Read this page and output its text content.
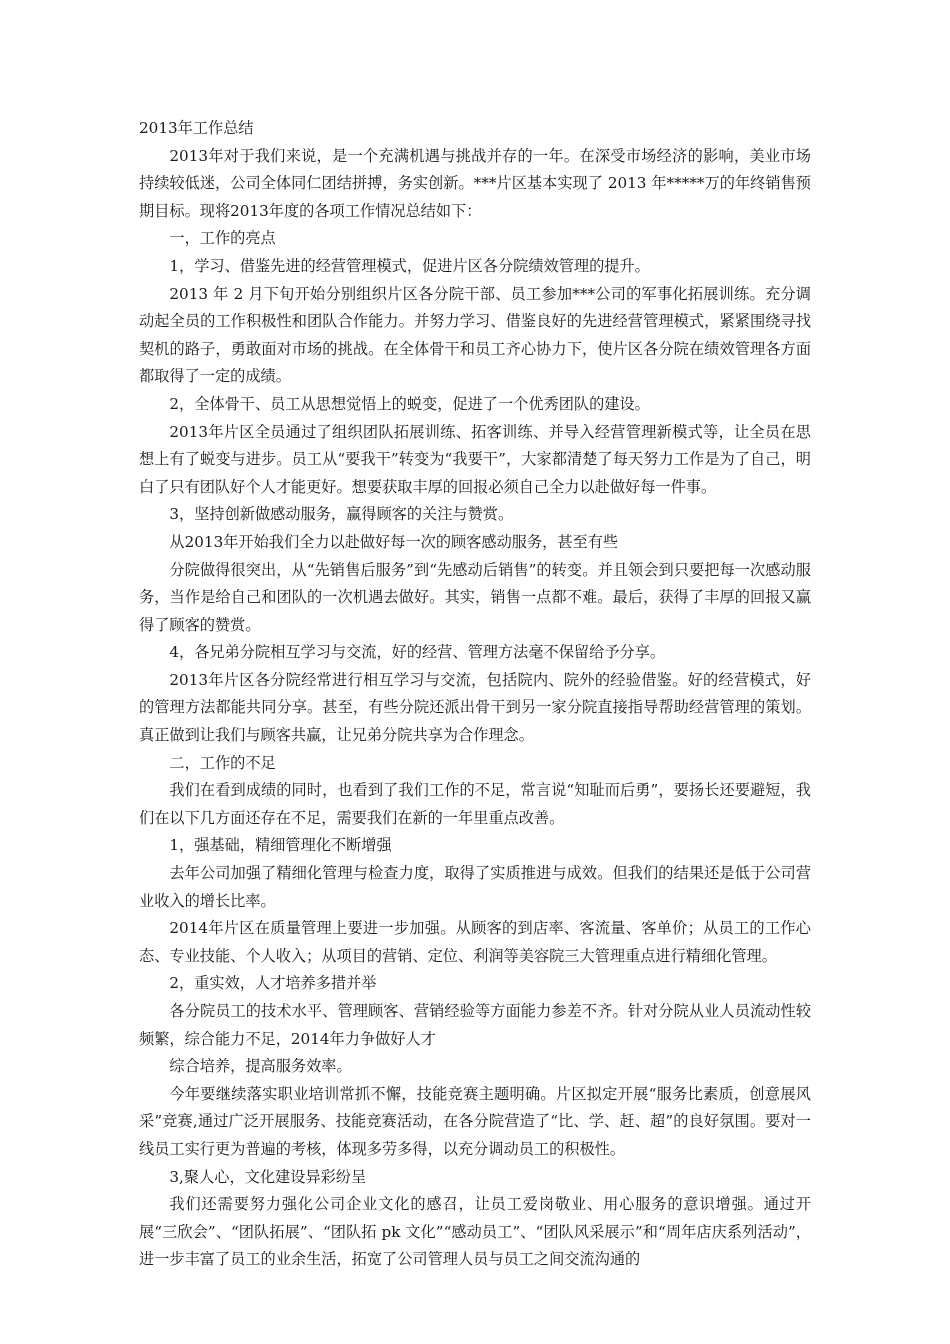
2013年工作总结

2013年对于我们来说，是一个充满机遇与挑战并存的一年。在深受市场经济的影响，美业市场持续较低迷，公司全体同仁团结拼搏，务实创新。***片区基本实现了 2013 年*****万的年终销售预期目标。现将2013年度的各项工作情况总结如下：

一，工作的亮点

1，学习、借鉴先进的经营管理模式，促进片区各分院绩效管理的提升。

2013 年 2 月下旬开始分别组织片区各分院干部、员工参加***公司的军事化拓展训练。充分调动起全员的工作积极性和团队合作能力。并努力学习、借鉴良好的先进经营管理模式，紧紧围绕寻找契机的路子，勇敢面对市场的挑战。在全体骨干和员工齐心协力下，使片区各分院在绩效管理各方面都取得了一定的成绩。

2，全体骨干、员工从思想觉悟上的蜕变，促进了一个优秀团队的建设。

2013年片区全员通过了组织团队拓展训练、拓客训练、并导入经营管理新模式等，让全员在思想上有了蜕变与进步。员工从“要我干”转变为“我要干”，大家都清楚了每天努力工作是为了自己，明白了只有团队好个人才能更好。想要获取丰厚的回报必须自己全力以赴做好每一件事。

3，坚持创新做感动服务，赢得顾客的关注与赞赏。

从2013年开始我们全力以赴做好每一次的顾客感动服务，甚至有些

分院做得很突出，从“先销售后服务”到“先感动后销售”的转变。并且领会到只要把每一次感动服务，当作是给自己和团队的一次机遇去做好。其实，销售一点都不难。最后，获得了丰厚的回报又赢得了顾客的赞赏。

4，各兄弟分院相互学习与交流，好的经营、管理方法毫不保留给予分享。

2013年片区各分院经常进行相互学习与交流，包括院内、院外的经验借鉴。好的经营模式，好的管理方法都能共同分享。甚至，有些分院还派出骨干到另一家分院直接指导帮助经营管理的策划。真正做到让我们与顾客共赢，让兄弟分院共享为合作理念。

二，工作的不足

我们在看到成绩的同时，也看到了我们工作的不足，常言说“知耻而后勇”，要扬长还要避短，我们在以下几方面还存在不足，需要我们在新的一年里重点改善。

1，强基础，精细管理化不断增强

去年公司加强了精细化管理与检查力度，取得了实质推进与成效。但我们的结果还是低于公司营业收入的增长比率。

2014年片区在质量管理上要进一步加强。从顾客的到店率、客流量、客单价；从员工的工作心态、专业技能、个人收入；从项目的营销、定位、利润等美容院三大管理重点进行精细化管理。

2，重实效，人才培养多措并举

各分院员工的技术水平、管理顾客、营销经验等方面能力参差不齐。针对分院从业人员流动性较频繁，综合能力不足，2014年力争做好人才

综合培养，提高服务效率。

今年要继续落实职业培训常抓不懈，技能竞赛主题明确。片区拟定开展“服务比素质，创意展风采”竞赛,通过广泛开展服务、技能竞赛活动，在各分院营造了“比、学、赶、超”的良好氛围。要对一线员工实行更为普遍的考核，体现多劳多得，以充分调动员工的积极性。

3,聚人心，文化建设异彩纷呈

我们还需要努力强化公司企业文化的感召，让员工爱岗敬业、用心服务的意识增强。通过开展“三欣会”、“团队拓展”、“团队拓 pk 文化”“感动员工”、“团队风采展示”和“周年店庆系列活动”，进一步丰富了员工的业余生活，拓宽了公司管理人员与员工之间交流沟通的
